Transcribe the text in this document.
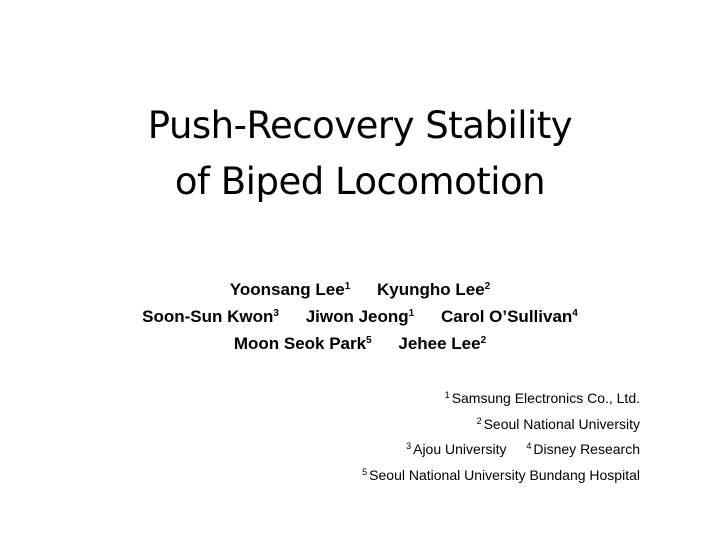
Push-Recovery Stability
of Biped Locomotion
Yoonsang Lee$^1$ Kyungho Lee$^2$
Soon-Sun Kwon$^3$ Jiwon Jeong$^1$ Carol O’Sullivan$^4$
Moon Seok Park$^5$ Jehee Lee$^2$
$^1$ Samsung Electronics Co., Ltd.
$^2$ Seoul National University
$^3$ Ajou University $^4$ Disney Research
$^5$ Seoul National University Bundang Hospital
